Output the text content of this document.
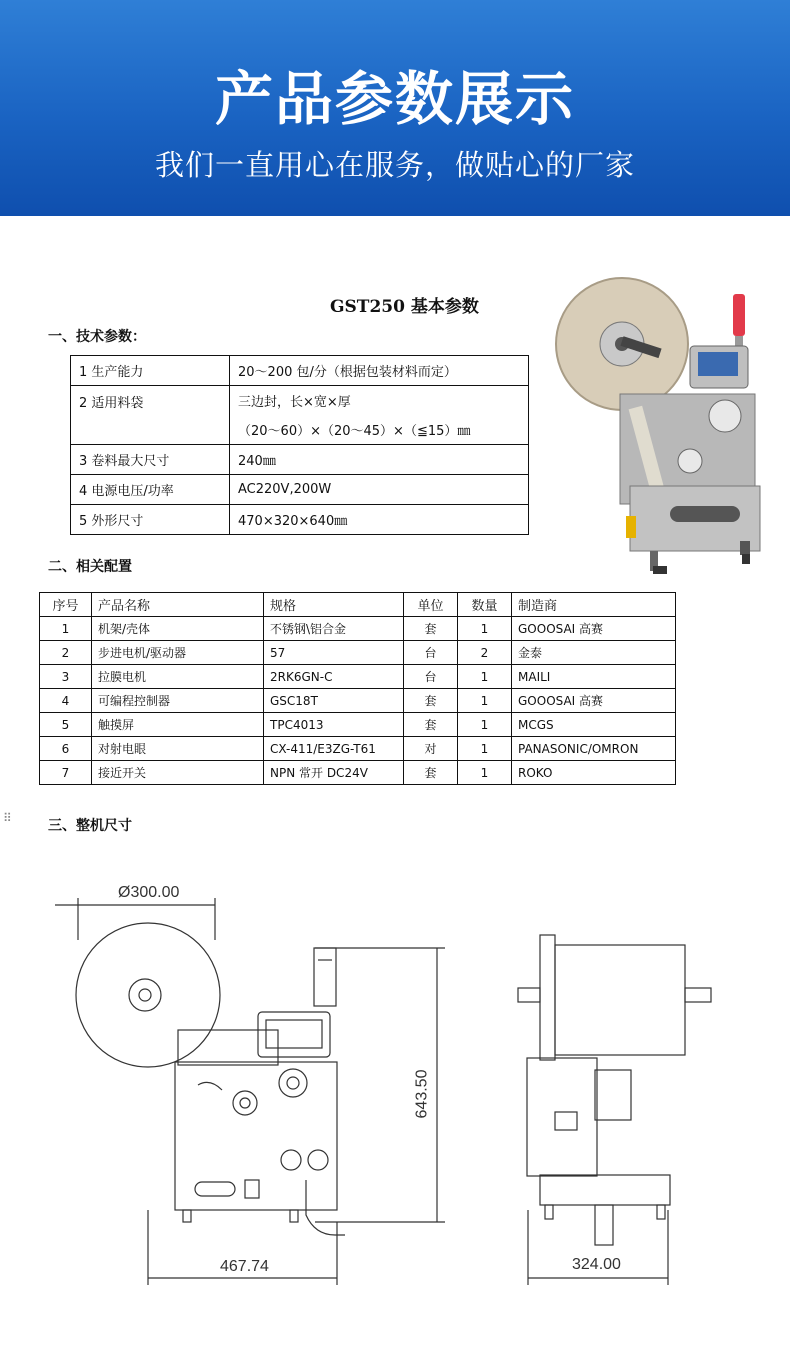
产品参数展示
我们一直用心在服务，做贴心的厂家
GST250 基本参数
一、技术参数：
1 生产能力	20～200 包/分（根据包装材料而定）
2 适用料袋	三边封，长×宽×厚
	（20～60）×（20～45）×（≦15）㎜
3 卷料最大尺寸	240㎜
4 电源电压/功率	AC220V,200W
5 外形尺寸	470×320×640㎜
二、相关配置
序号	产品名称	规格	单位	数量	制造商
1	机架/壳体	不锈钢\铝合金	套	1	GOOOSAI 高赛
2	步进电机/驱动器	57	台	2	金泰
3	拉膜电机	2RK6GN-C	台	1	MAILI
4	可编程控制器	GSC18T	套	1	GOOOSAI 高赛
5	触摸屏	TPC4013	套	1	MCGS
6	对射电眼	CX-411/E3ZG-T61	对	1	PANASONIC/OMRON
7	接近开关	NPN 常开 DC24V	套	1	ROKO
⠿	三、整机尺寸
Ø300.00
643.50
467.74	324.00
